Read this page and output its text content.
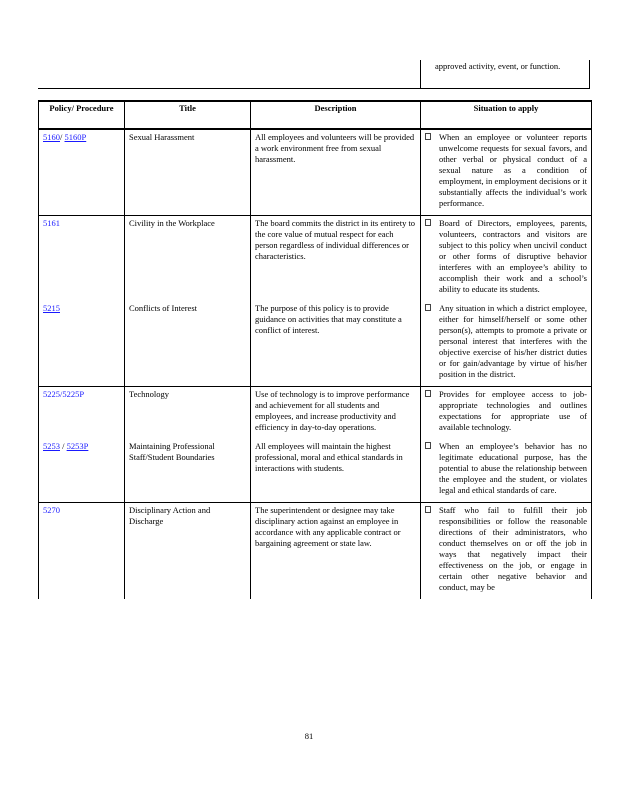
approved activity, event, or function.
Policy/ Procedure	Title	Description	Situation to apply
5160/ 5160P	Sexual Harassment	All employees and volunteers will be provided a work environment free from sexual harassment.	When an employee or volunteer reports unwelcome requests for sexual favors, and other verbal or physical conduct of a sexual nature as a condition of employment, in employment decisions or it substantially affects the individual’s work performance.

5161	Civility in the Workplace	The board commits the district in its entirety to the core value of mutual respect for each person regardless of individual differences or characteristics.	Board of Directors, employees, parents, volunteers, contractors and visitors are subject to this policy when uncivil conduct or other forms of disruptive behavior interferes with an employee’s ability to accomplish their work and a school’s ability to educate its students.

5215	Conflicts of Interest	The purpose of this policy is to provide guidance on activities that may constitute a conflict of interest.	Any situation in which a district employee, either for himself/herself or some other person(s), attempts to promote a private or personal interest that interferes with the objective exercise of his/her district duties or for gain/advantage by virtue of his/her position in the district.

5225/5225P	Technology	Use of technology is to improve performance and achievement for all students and employees, and increase productivity and efficiency in day-to-day operations.	Provides for employee access to job-appropriate technologies and outlines expectations for appropriate use of available technology.

5253 / 5253P	Maintaining Professional Staff/Student Boundaries	All employees will maintain the highest professional, moral and ethical standards in interactions with students.	When an employee’s behavior has no legitimate educational purpose, has the potential to abuse the relationship between the employee and the student, or violates legal and ethical standards of care.

5270	Disciplinary Action and Discharge	The superintendent or designee may take disciplinary action against an employee in accordance with any applicable contract or bargaining agreement or state law.	Staff who fail to fulfill their job responsibilities or follow the reasonable directions of their administrators, who conduct themselves on or off the job in ways that negatively impact their effectiveness on the job, or engage in certain other negative behavior and conduct, may be
81
